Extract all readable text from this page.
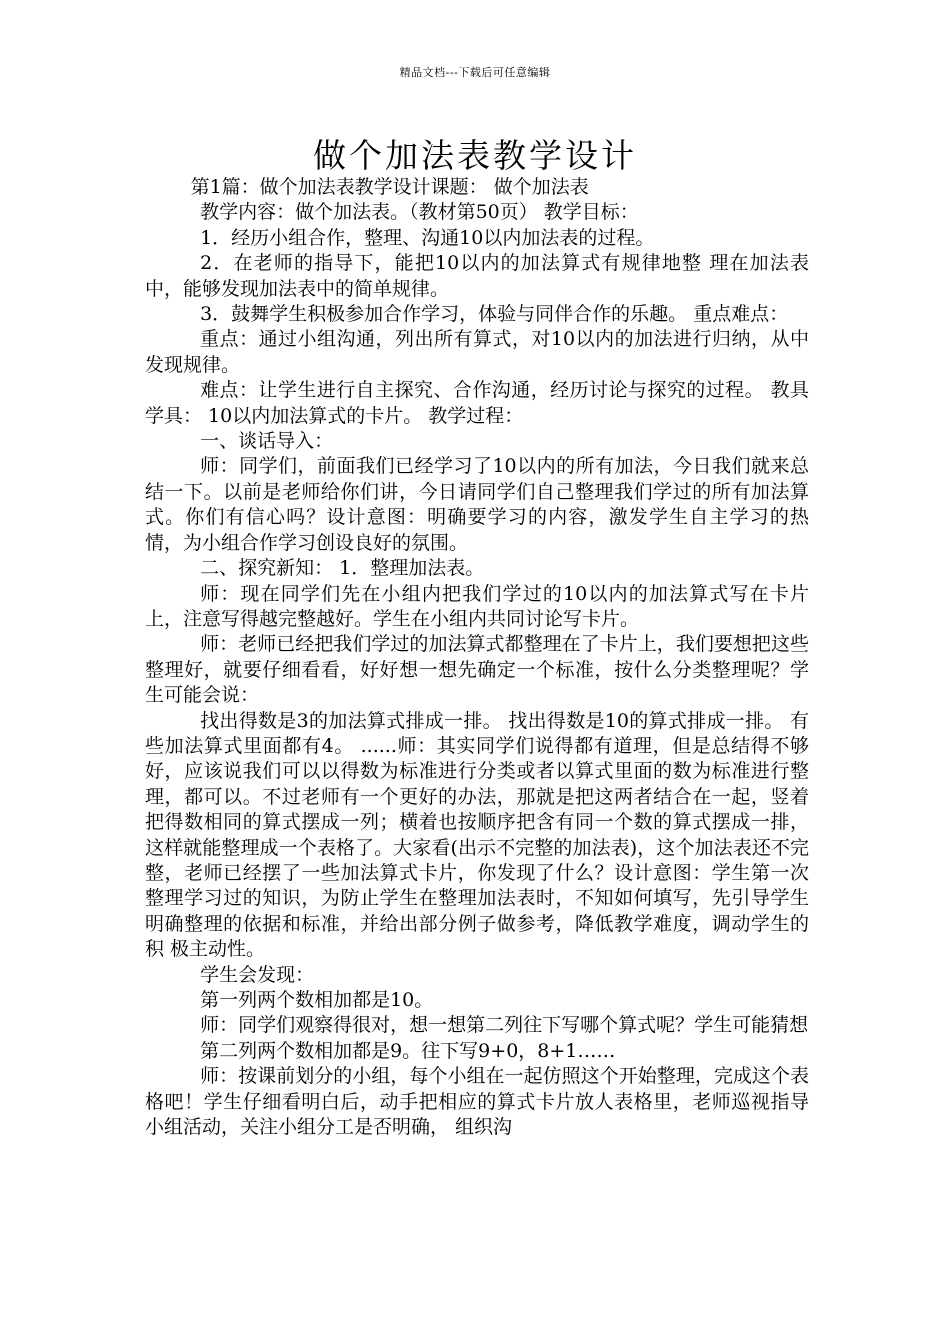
精品文档---下载后可任意编辑
做个加法表教学设计

第1篇：做个加法表教学设计课题： 做个加法表

教学内容：做个加法表。（教材第50页） 教学目标：

1．经历小组合作，整理、沟通10以内加法表的过程。

2．在老师的指导下，能把10以内的加法算式有规律地整 理在加法表中，能够发现加法表中的简单规律。

3．鼓舞学生积极参加合作学习，体验与同伴合作的乐趣。 重点难点：

重点：通过小组沟通，列出所有算式，对10以内的加法进行归纳，从中发现规律。

难点：让学生进行自主探究、合作沟通，经历讨论与探究的过程。 教具学具： 10以内加法算式的卡片。 教学过程：

一、谈话导入：

师：同学们，前面我们已经学习了10以内的所有加法，今日我们就来总结一下。以前是老师给你们讲，今日请同学们自己整理我们学过的所有加法算式。你们有信心吗？设计意图：明确要学习的内容，激发学生自主学习的热情，为小组合作学习创设良好的氛围。

二、探究新知： 1．整理加法表。

师：现在同学们先在小组内把我们学过的10以内的加法算式写在卡片上，注意写得越完整越好。学生在小组内共同讨论写卡片。

师：老师已经把我们学过的加法算式都整理在了卡片上，我们要想把这些整理好，就要仔细看看，好好想一想先确定一个标准，按什么分类整理呢？学生可能会说：

找出得数是3的加法算式排成一排。 找出得数是10的算式排成一排。 有些加法算式里面都有4。 ......师：其实同学们说得都有道理，但是总结得不够好，应该说我们可以以得数为标准进行分类或者以算式里面的数为标准进行整理，都可以。不过老师有一个更好的办法，那就是把这两者结合在一起，竖着把得数相同的算式摆成一列；横着也按顺序把含有同一个数的算式摆成一排，这样就能整理成一个表格了。大家看(出示不完整的加法表)，这个加法表还不完整，老师已经摆了一些加法算式卡片，你发现了什么？设计意图：学生第一次整理学习过的知识，为防止学生在整理加法表时，不知如何填写，先引导学生明确整理的依据和标准，并给出部分例子做参考，降低教学难度，调动学生的积 极主动性。

学生会发现：

第一列两个数相加都是10。

师：同学们观察得很对，想一想第二列往下写哪个算式呢？学生可能猜想

第二列两个数相加都是9。往下写9+0，8+1……

师：按课前划分的小组，每个小组在一起仿照这个开始整理，完成这个表格吧！学生仔细看明白后，动手把相应的算式卡片放人表格里，老师巡视指导小组活动，关注小组分工是否明确， 组织沟
